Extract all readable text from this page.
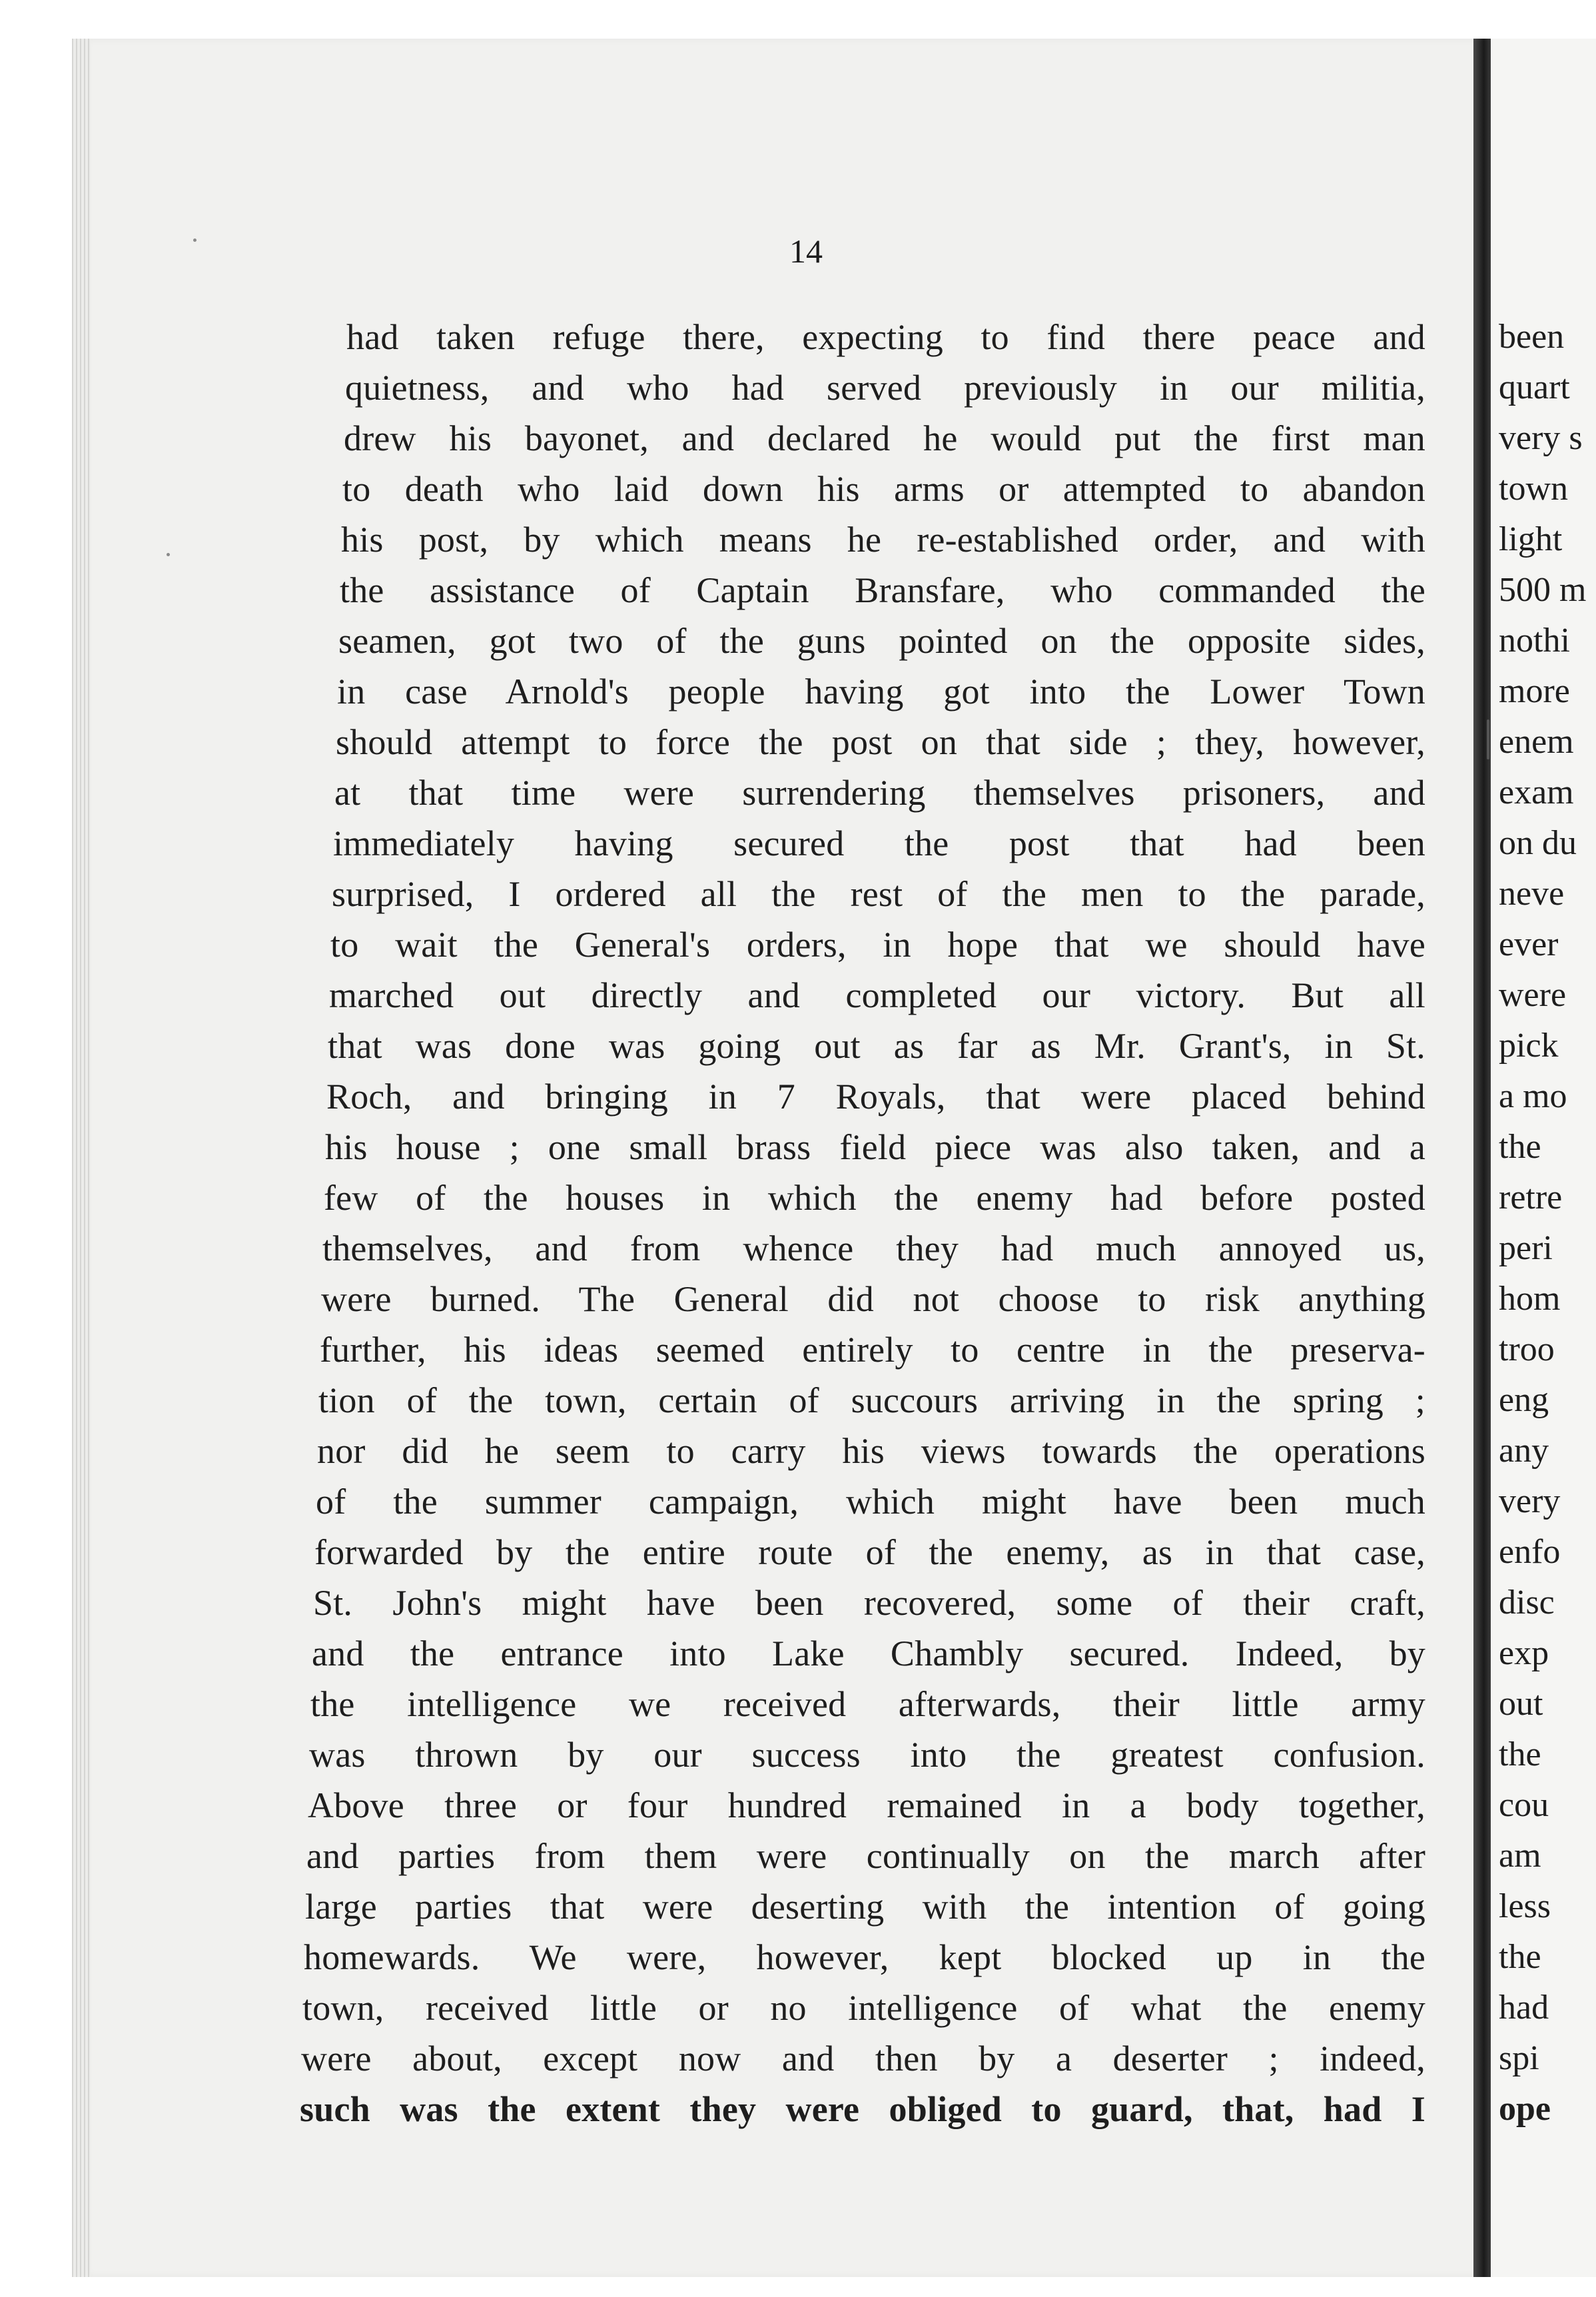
14
had taken refuge there, expecting to find there peace and
quietness, and who had served previously in our militia,
drew his bayonet, and declared he would put the first man
to death who laid down his arms or attempted to abandon
his post, by which means he re-established order, and with
the assistance of Captain Bransfare, who commanded the
seamen, got two of the guns pointed on the opposite sides,
in case Arnold's people having got into the Lower Town
should attempt to force the post on that side ; they, however,
at that time were surrendering themselves prisoners, and
immediately having secured the post that had been
surprised, I ordered all the rest of the men to the parade,
to wait the General's orders, in hope that we should have
marched out directly and completed our victory. But all
that was done was going out as far as Mr. Grant's, in St.
Roch, and bringing in 7 Royals, that were placed behind
his house ; one small brass field piece was also taken, and a
few of the houses in which the enemy had before posted
themselves, and from whence they had much annoyed us,
were burned. The General did not choose to risk anything
further, his ideas seemed entirely to centre in the preserva-
tion of the town, certain of succours arriving in the spring ;
nor did he seem to carry his views towards the operations
of the summer campaign, which might have been much
forwarded by the entire route of the enemy, as in that case,
St. John's might have been recovered, some of their craft,
and the entrance into Lake Chambly secured. Indeed, by
the intelligence we received afterwards, their little army
was thrown by our success into the greatest confusion.
Above three or four hundred remained in a body together,
and parties from them were continually on the march after
large parties that were deserting with the intention of going
homewards. We were, however, kept blocked up in the
town, received little or no intelligence of what the enemy
were about, except now and then by a deserter ; indeed,
such was the extent they were obliged to guard, that, had I
been
quart
very s
town
light
500 m
nothi
more
enem
exam
on du
neve
ever
were
pick
a mo
the
retre
peri
hom
troo
eng
any
very
enfo
disc
exp
out
the
cou
am
less
the
had
spi
ope
